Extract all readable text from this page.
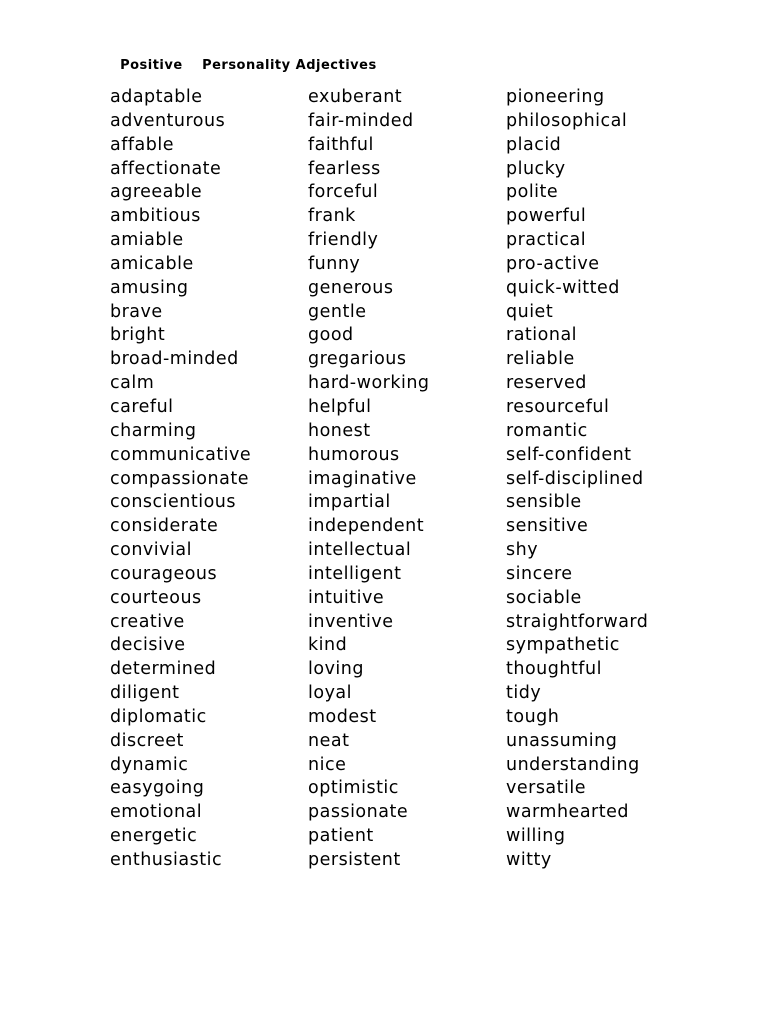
Positive Personality Adjectives

adaptable
adventurous
affable
affectionate
agreeable
ambitious
amiable
amicable
amusing
brave
bright
broad-minded
calm
careful
charming
communicative
compassionate
conscientious
considerate
convivial
courageous
courteous
creative
decisive
determined
diligent
diplomatic
discreet
dynamic
easygoing
emotional
energetic
enthusiastic
exuberant
fair-minded
faithful
fearless
forceful
frank
friendly
funny
generous
gentle
good
gregarious
hard-working
helpful
honest
humorous
imaginative
impartial
independent
intellectual
intelligent
intuitive
inventive
kind
loving
loyal
modest
neat
nice
optimistic
passionate
patient
persistent
pioneering
philosophical
placid
plucky
polite
powerful
practical
pro-active
quick-witted
quiet
rational
reliable
reserved
resourceful
romantic
self-confident
self-disciplined
sensible
sensitive
shy
sincere
sociable
straightforward
sympathetic
thoughtful
tidy
tough
unassuming
understanding
versatile
warmhearted
willing
witty
